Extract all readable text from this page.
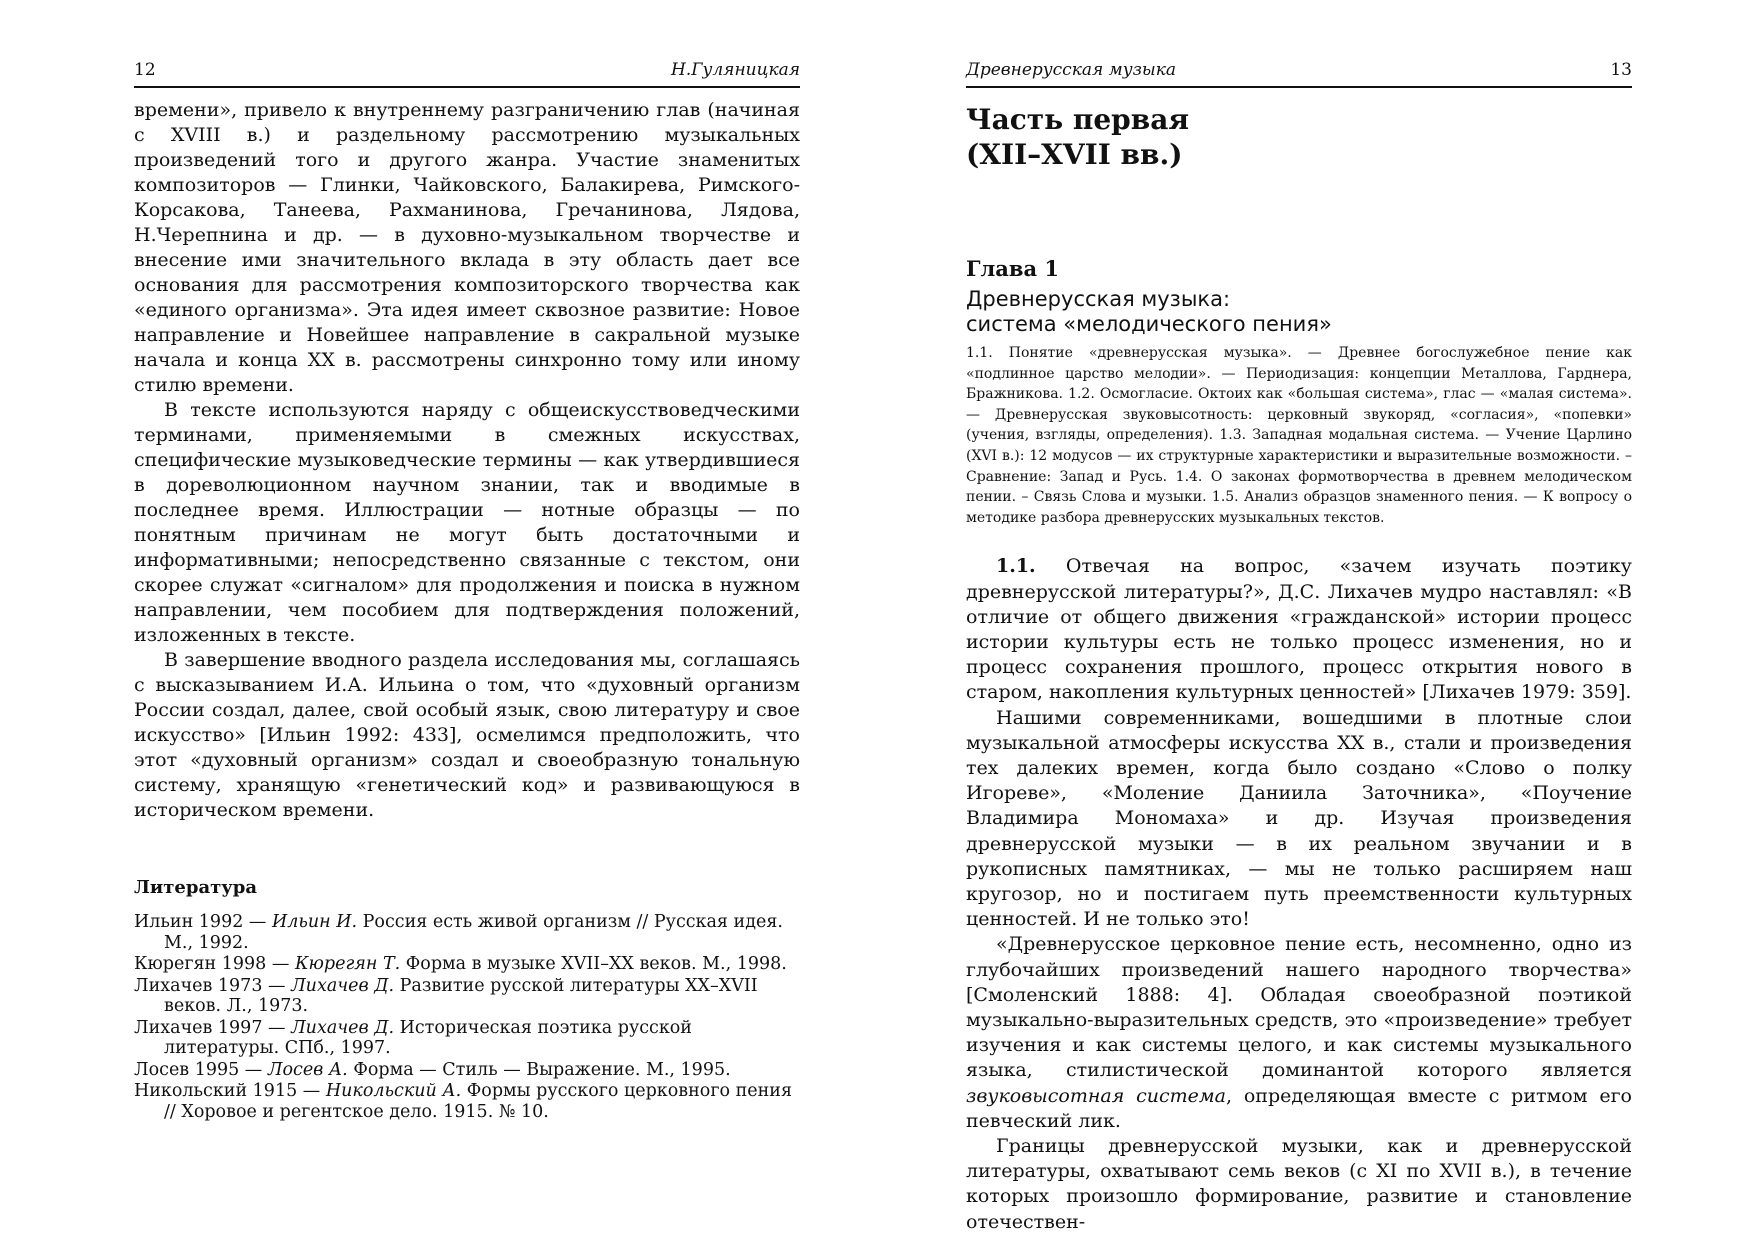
12	Н.Гуляницкая

времени», привело к внутреннему разграничению глав (начиная с XVIII в.) и раздельному рассмотрению музыкальных произведений того и другого жанра. Участие знаменитых композиторов — Глинки, Чайковского, Балакирева, Римского-Корсакова, Танеева, Рахманинова, Гречанинова, Лядова, Н.Черепнина и др. — в духовно-музыкальном творчестве и внесение ими значительного вклада в эту область дает все основания для рассмотрения композиторского творчества как «единого организма». Эта идея имеет сквозное развитие: Новое направление и Новейшее направление в сакральной музыке начала и конца XX в. рассмотрены синхронно тому или иному стилю времени.

В тексте используются наряду с общеискусствоведческими терминами, применяемыми в смежных искусствах, специфические музыковедческие термины — как утвердившиеся в дореволюционном научном знании, так и вводимые в последнее время. Иллюстрации — нотные образцы — по понятным причинам не могут быть достаточными и информативными; непосредственно связанные с текстом, они скорее служат «сигналом» для продолжения и поиска в нужном направлении, чем пособием для подтверждения положений, изложенных в тексте.

В завершение вводного раздела исследования мы, соглашаясь с высказыванием И.А. Ильина о том, что «духовный организм России создал, далее, свой особый язык, свою литературу и свое искусство» [Ильин 1992: 433], осмелимся предположить, что этот «духовный организм» создал и своеобразную тональную систему, хранящую «генетический код» и развивающуюся в историческом времени.

Литература
Ильин 1992 — Ильин И. Россия есть живой организм // Русская идея. М., 1992.
Кюрегян 1998 — Кюрегян Т. Форма в музыке XVII–XX веков. М., 1998.
Лихачев 1973 — Лихачев Д. Развитие русской литературы XX–XVII веков. Л., 1973.
Лихачев 1997 — Лихачев Д. Историческая поэтика русской литературы. СПб., 1997.
Лосев 1995 — Лосев А. Форма — Стиль — Выражение. М., 1995.
Никольский 1915 — Никольский А. Формы русского церковного пения // Хоровое и регентское дело. 1915. № 10.
Древнерусская музыка	13
Часть первая
(XII–XVII вв.)
Глава 1
Древнерусская музыка:
система «мелодического пения»
1.1. Понятие «древнерусская музыка». — Древнее богослужебное пение как «подлинное царство мелодии». — Периодизация: концепции Металлова, Гарднера, Бражникова. 1.2. Осмогласие. Октоих как «большая система», глас — «малая система». — Древнерусская звуковысотность: церковный звукоряд, «согласия», «попевки» (учения, взгляды, определения). 1.3. Западная модальная система. — Учение Царлино (XVI в.): 12 модусов — их структурные характеристики и выразительные возможности. – Сравнение: Запад и Русь. 1.4. О законах формотворчества в древнем мелодическом пении. – Связь Слова и музыки. 1.5. Анализ образцов знаменного пения. — К вопросу о методике разбора древнерусских музыкальных текстов.

1.1. Отвечая на вопрос, «зачем изучать поэтику древнерусской литературы?», Д.С. Лихачев мудро наставлял: «В отличие от общего движения «гражданской» истории процесс истории культуры есть не только процесс изменения, но и процесс сохранения прошлого, процесс открытия нового в старом, накопления культурных ценностей» [Лихачев 1979: 359].

Нашими современниками, вошедшими в плотные слои музыкальной атмосферы искусства XX в., стали и произведения тех далеких времен, когда было создано «Слово о полку Игореве», «Моление Даниила Заточника», «Поучение Владимира Мономаха» и др. Изучая произведения древнерусской музыки — в их реальном звучании и в рукописных памятниках, — мы не только расширяем наш кругозор, но и постигаем путь преемственности культурных ценностей. И не только это!

«Древнерусское церковное пение есть, несомненно, одно из глубочайших произведений нашего народного творчества» [Смоленский 1888: 4]. Обладая своеобразной поэтикой музыкально-выразительных средств, это «произведение» требует изучения и как системы целого, и как системы музыкального языка, стилистической доминантой которого является звуковысотная система, определяющая вместе с ритмом его певческий лик.

Границы древнерусской музыки, как и древнерусской литературы, охватывают семь веков (с XI по XVII в.), в течение которых произошло формирование, развитие и становление отечествен-
